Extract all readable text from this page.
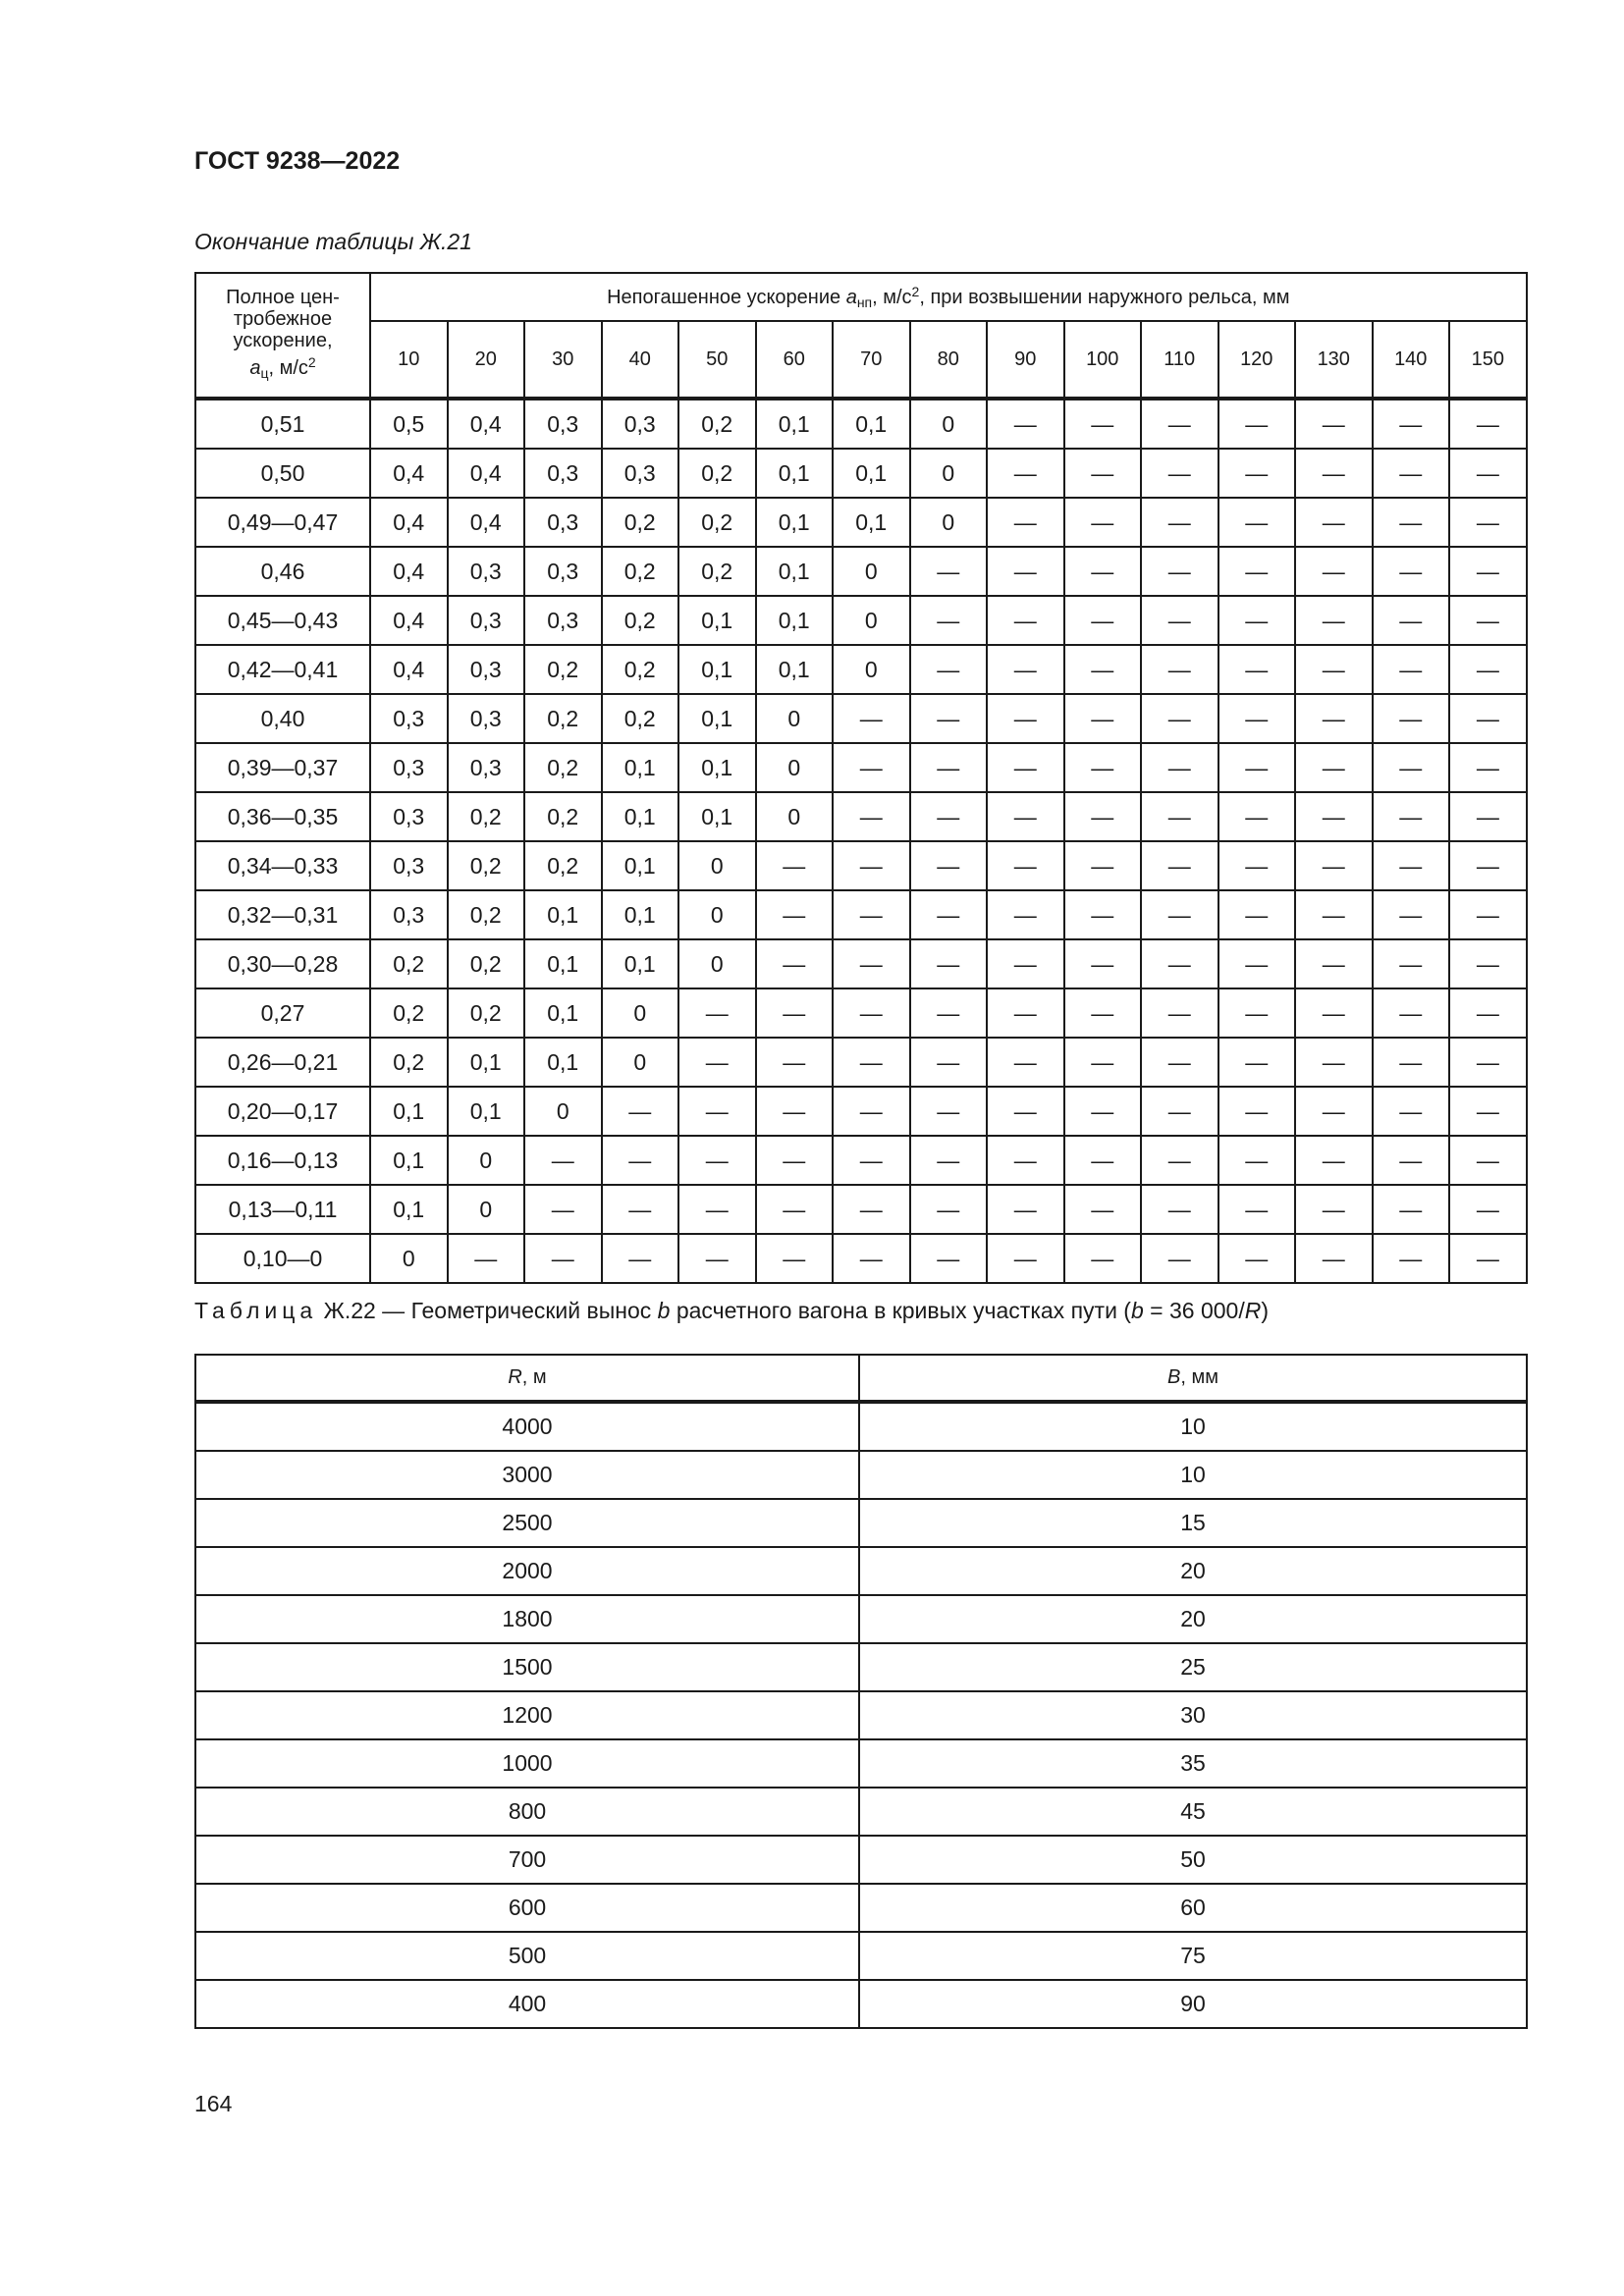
ГОСТ 9238—2022
Окончание таблицы Ж.21
Полное цен-
тробежное
ускорение,
$a_ц$, $м/с^2$	Непогашенное ускорение $a_{нп}$, $м/с^2$, при возвышении наружного рельса, мм														
	10	20	30	40	50	60	70	80	90	100	110	120	130	140	150
0,51	0,5	0,4	0,3	0,3	0,2	0,1	0,1	0	—	—	—	—	—	—	—
0,50	0,4	0,4	0,3	0,3	0,2	0,1	0,1	0	—	—	—	—	—	—	—
0,49—0,47	0,4	0,4	0,3	0,2	0,2	0,1	0,1	0	—	—	—	—	—	—	—
0,46	0,4	0,3	0,3	0,2	0,2	0,1	0	—	—	—	—	—	—	—	—
0,45—0,43	0,4	0,3	0,3	0,2	0,1	0,1	0	—	—	—	—	—	—	—	—
0,42—0,41	0,4	0,3	0,2	0,2	0,1	0,1	0	—	—	—	—	—	—	—	—
0,40	0,3	0,3	0,2	0,2	0,1	0	—	—	—	—	—	—	—	—	—
0,39—0,37	0,3	0,3	0,2	0,1	0,1	0	—	—	—	—	—	—	—	—	—
0,36—0,35	0,3	0,2	0,2	0,1	0,1	0	—	—	—	—	—	—	—	—	—
0,34—0,33	0,3	0,2	0,2	0,1	0	—	—	—	—	—	—	—	—	—	—
0,32—0,31	0,3	0,2	0,1	0,1	0	—	—	—	—	—	—	—	—	—	—
0,30—0,28	0,2	0,2	0,1	0,1	0	—	—	—	—	—	—	—	—	—	—
0,27	0,2	0,2	0,1	0	—	—	—	—	—	—	—	—	—	—	—
0,26—0,21	0,2	0,1	0,1	0	—	—	—	—	—	—	—	—	—	—	—
0,20—0,17	0,1	0,1	0	—	—	—	—	—	—	—	—	—	—	—	—
0,16—0,13	0,1	0	—	—	—	—	—	—	—	—	—	—	—	—	—
0,13—0,11	0,1	0	—	—	—	—	—	—	—	—	—	—	—	—	—
0,10—0	0	—	—	—	—	—	—	—	—	—	—	—	—	—	—
Таблица Ж.22 — Геометрический вынос b расчетного вагона в кривых участках пути (b = 36 000/R)
R, м	B, мм
4000	10
3000	10
2500	15
2000	20
1800	20
1500	25
1200	30
1000	35
800	45
700	50
600	60
500	75
400	90
164
